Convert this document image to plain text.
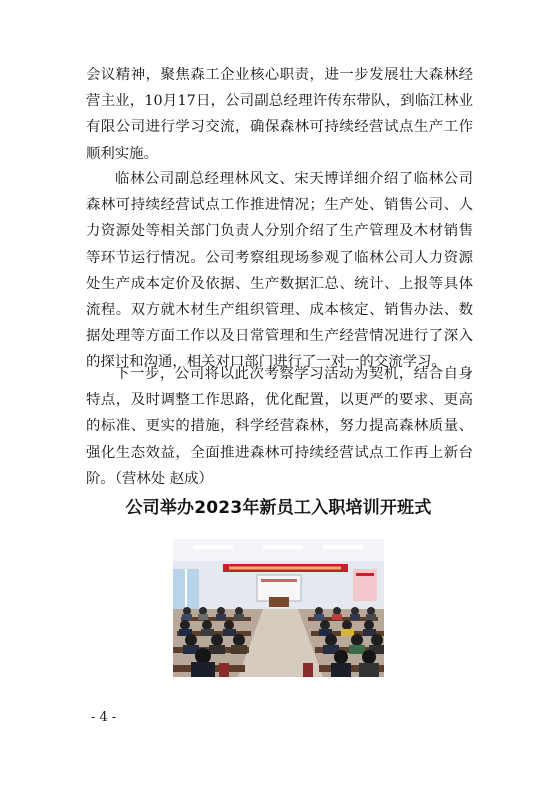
会议精神，聚焦森工企业核心职责，进一步发展壮大森林经营主业，10月17日，公司副总经理许传东带队，到临江林业有限公司进行学习交流，确保森林可持续经营试点生产工作顺利实施。

临林公司副总经理林风文、宋天博详细介绍了临林公司森林可持续经营试点工作推进情况；生产处、销售公司、人力资源处等相关部门负责人分别介绍了生产管理及木材销售等环节运行情况。公司考察组现场参观了临林公司人力资源处生产成本定价及依据、生产数据汇总、统计、上报等具体流程。双方就木材生产组织管理、成本核定、销售办法、数据处理等方面工作以及日常管理和生产经营情况进行了深入的探讨和沟通，相关对口部门进行了一对一的交流学习。

下一步，公司将以此次考察学习活动为契机，结合自身特点，及时调整工作思路，优化配置，以更严的要求、更高的标准、更实的措施，科学经营森林，努力提高森林质量、强化生态效益，全面推进森林可持续经营试点工作再上新台阶。（营林处 赵成）

公司举办2023年新员工入职培训开班式
- 4 -
